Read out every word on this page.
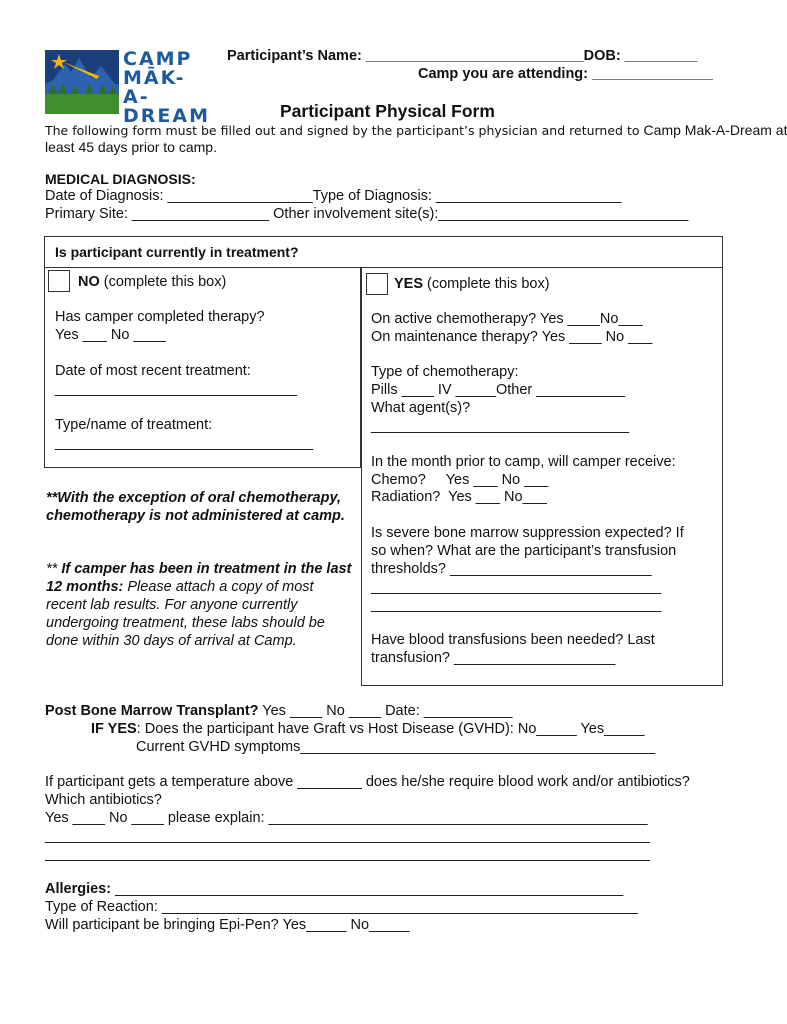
CAMP
MĀK-A-
DREAM
Participant’s Name: ___________________________DOB: _________
Camp you are attending: _______________
Participant Physical Form
The following form must be filled out and signed by the participant’s physician and returned to Camp Mak-A-Dream at
least 45 days prior to camp.
MEDICAL DIAGNOSIS:
Date of Diagnosis: __________________Type of Diagnosis: _______________________
Primary Site: _________________ Other involvement site(s):_______________________________
Is participant currently in treatment?
NO (complete this box)
Has camper completed therapy?
Yes ___ No ____
Date of most recent treatment:
______________________________
Type/name of treatment:
________________________________
**With the exception of oral chemotherapy, chemotherapy is not administered at camp.
** If camper has been in treatment in the last 12 months: Please attach a copy of most recent lab results. For anyone currently undergoing treatment, these labs should be done within 30 days of arrival at Camp.
YES (complete this box)
On active chemotherapy? Yes ____No___
On maintenance therapy? Yes ____ No ___
Type of chemotherapy:
Pills ____ IV _____Other ___________
What agent(s)?
________________________________
In the month prior to camp, will camper receive:
Chemo?     Yes ___ No ___
Radiation?  Yes ___ No___
Is severe bone marrow suppression expected? If
so when? What are the participant’s transfusion
thresholds? _________________________
____________________________________
____________________________________
Have blood transfusions been needed? Last
transfusion? ____________________
Post Bone Marrow Transplant? Yes ____ No ____ Date: ___________
IF YES: Does the participant have Graft vs Host Disease (GVHD): No_____ Yes_____
Current GVHD symptoms____________________________________________
If participant gets a temperature above ________ does he/she require blood work and/or antibiotics?
Which antibiotics?
Yes ____ No ____ please explain: _______________________________________________
___________________________________________________________________________
___________________________________________________________________________
Allergies: _______________________________________________________________
Type of Reaction: ___________________________________________________________
Will participant be bringing Epi-Pen? Yes_____ No_____
